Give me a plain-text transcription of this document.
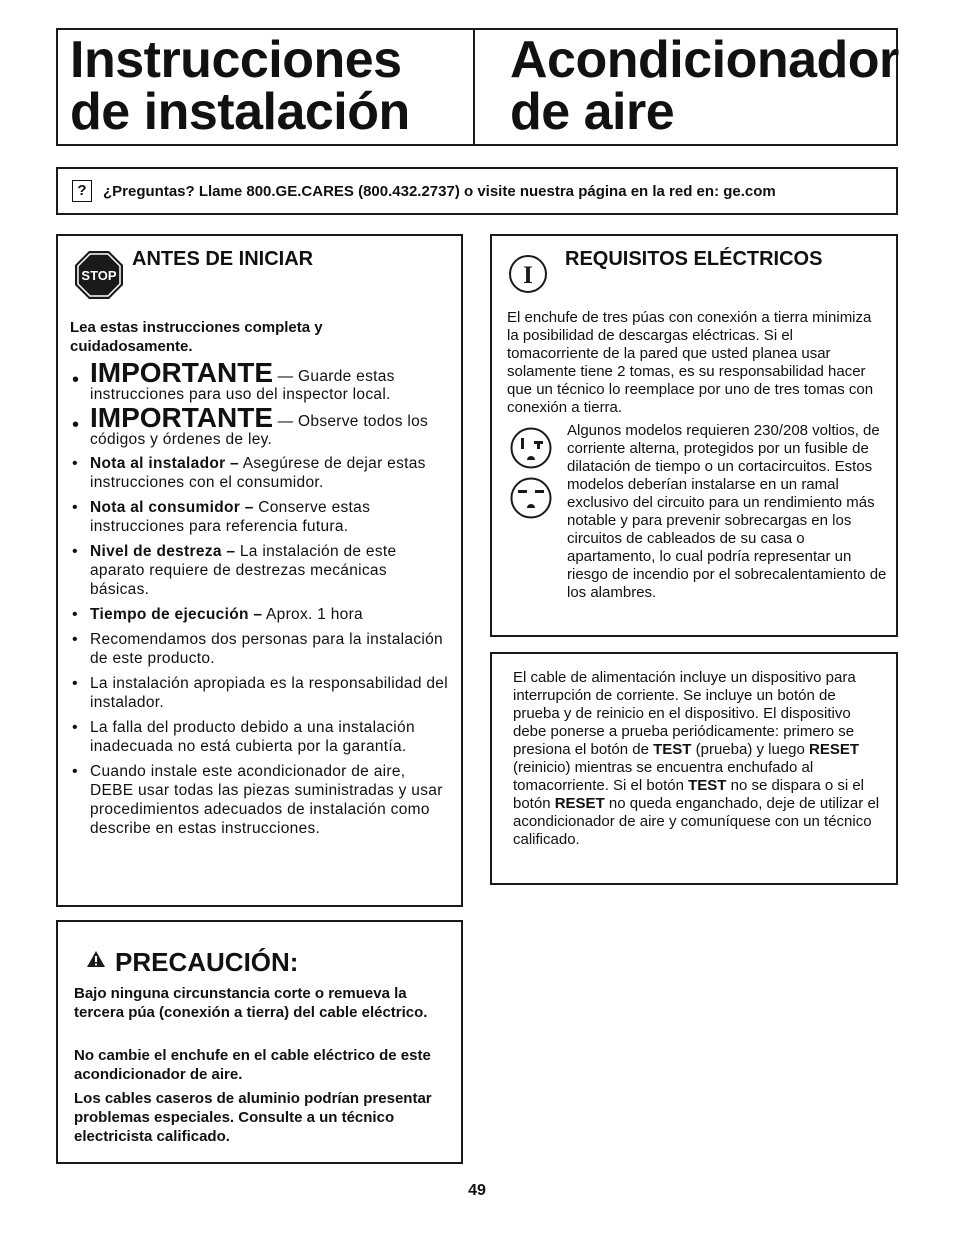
Instrucciones
de instalación
Acondicionador
de aire
?	¿Preguntas? Llame 800.GE.CARES (800.432.2737) o visite nuestra página en la red en: ge.com
STOP
ANTES DE INICIAR
Lea estas instrucciones completa y cuidadosamente.
• IMPORTANTE — Guarde estas instrucciones para uso del inspector local.
• IMPORTANTE — Observe todos los códigos y órdenes de ley.
• Nota al instalador – Asegúrese de dejar estas instrucciones con el consumidor.
• Nota al consumidor – Conserve estas instrucciones para referencia futura.
• Nivel de destreza – La instalación de este aparato requiere de destrezas mecánicas básicas.
• Tiempo de ejecución – Aprox. 1 hora
• Recomendamos dos personas para la instalación de este producto.
• La instalación apropiada es la responsabilidad del instalador.
• La falla del producto debido a una instalación inadecuada no está cubierta por la garantía.
• Cuando instale este acondicionador de aire, DEBE usar todas las piezas suministradas y usar procedimientos adecuados de instalación como describe en estas instrucciones.
PRECAUCIÓN:
Bajo ninguna circunstancia corte o remueva la tercera púa (conexión a tierra) del cable eléctrico.
No cambie el enchufe en el cable eléctrico de este acondicionador de aire.
Los cables caseros de aluminio podrían presentar problemas especiales. Consulte a un técnico electricista calificado.
I
REQUISITOS ELÉCTRICOS
El enchufe de tres púas con conexión a tierra minimiza la posibilidad de descargas eléctricas. Si el tomacorriente de la pared que usted planea usar solamente tiene 2 tomas, es su responsabilidad hacer que un técnico lo reemplace por uno de tres tomas con conexión a tierra.
Algunos modelos requieren 230/208 voltios, de corriente alterna, protegidos por un fusible de dilatación de tiempo o un cortacircuitos. Estos modelos deberían instalarse en un ramal exclusivo del circuito para un rendimiento más notable y para prevenir sobrecargas en los circuitos de cableados de su casa o apartamento, lo cual podría representar un riesgo de incendio por el sobrecalentamiento de los alambres.
El cable de alimentación incluye un dispositivo para interrupción de corriente. Se incluye un botón de prueba y de reinicio en el dispositivo. El dispositivo debe ponerse a prueba periódicamente: primero se presiona el botón de TEST (prueba) y luego RESET (reinicio) mientras se encuentra enchufado al tomacorriente. Si el botón TEST no se dispara o si el botón RESET no queda enganchado, deje de utilizar el acondicionador de aire y comuníquese con un técnico calificado.
49
